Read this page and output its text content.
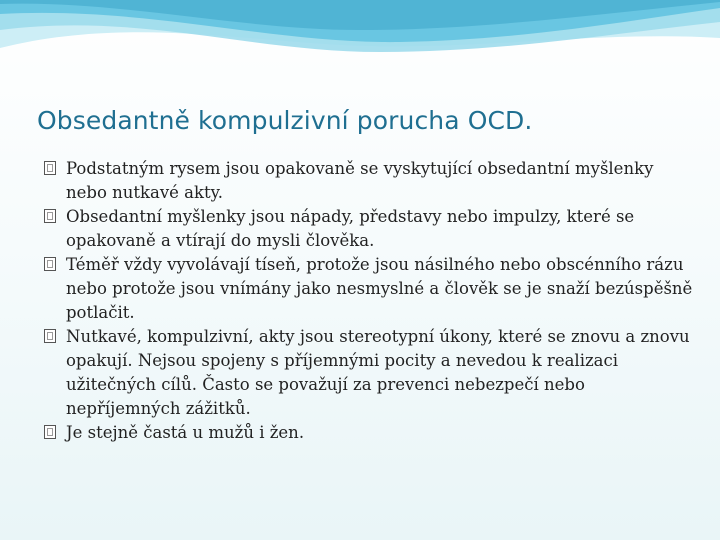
Obsedantně kompulzivní porucha OCD.
Podstatným rysem jsou opakovaně se vyskytující obsedantní myšlenky nebo nutkavé akty.
Obsedantní myšlenky jsou nápady, představy nebo impulzy, které se opakovaně a vtírají do mysli člověka.
Téměř vždy vyvolávají tíseň, protože jsou násilného nebo obscénního rázu nebo protože jsou vnímány jako nesmyslné a člověk se je snaží bezúspěšně potlačit.
Nutkavé, kompulzivní, akty jsou stereotypní úkony, které se znovu a znovu opakují. Nejsou spojeny s příjemnými pocity a nevedou k realizaci užitečných cílů. Často se považují za prevenci nebezpečí nebo nepříjemných zážitků.
Je stejně častá u mužů i žen.
